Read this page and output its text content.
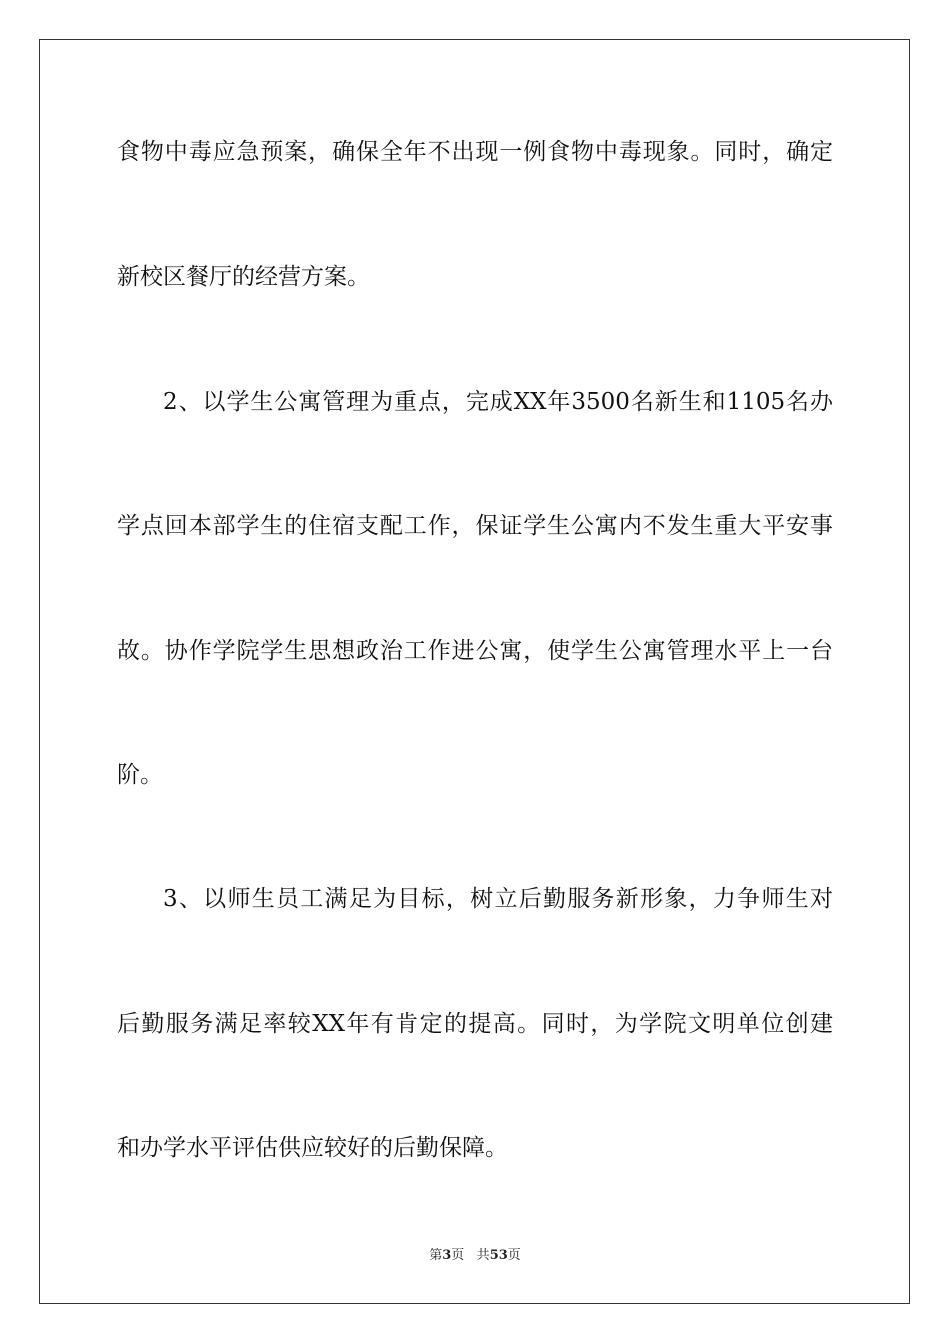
食物中毒应急预案，确保全年不出现一例食物中毒现象。同时，确定
新校区餐厅的经营方案。
2、以学生公寓管理为重点，完成XX年3500名新生和1105名办
学点回本部学生的住宿支配工作，保证学生公寓内不发生重大平安事
故。协作学院学生思想政治工作进公寓，使学生公寓管理水平上一台
阶。
3、以师生员工满足为目标，树立后勤服务新形象，力争师生对
后勤服务满足率较XX年有肯定的提高。同时，为学院文明单位创建
和办学水平评估供应较好的后勤保障。
第3页 共53页
